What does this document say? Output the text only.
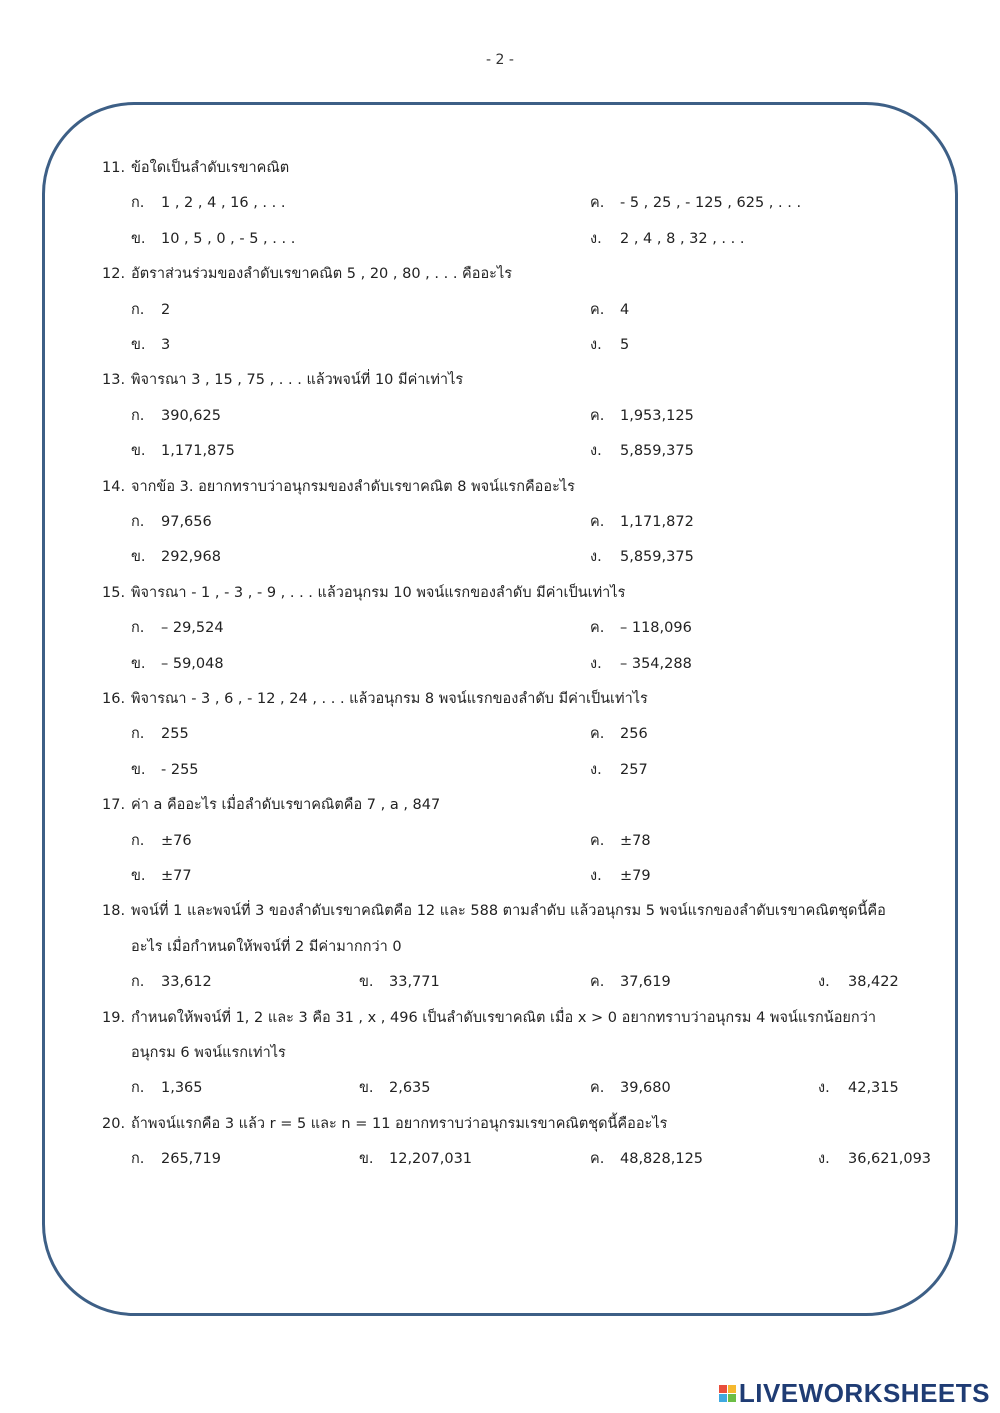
- 2 -
11. ข้อใดเป็นลำดับเรขาคณิต
ก. 1 , 2 , 4 , 16 , . . .	ค. - 5 , 25 , - 125 , 625 , . . .
ข. 10 , 5 , 0 , - 5 , . . .	ง. 2 , 4 , 8 , 32 , . . .
12. อัตราส่วนร่วมของลำดับเรขาคณิต 5 , 20 , 80 , . . . คืออะไร
ก. 2	ค. 4
ข. 3	ง. 5
13. พิจารณา 3 , 15 , 75 , . . . แล้วพจน์ที่ 10 มีค่าเท่าไร
ก. 390,625	ค. 1,953,125
ข. 1,171,875	ง. 5,859,375
14. จากข้อ 3. อยากทราบว่าอนุกรมของลำดับเรขาคณิต 8 พจน์แรกคืออะไร
ก. 97,656	ค. 1,171,872
ข. 292,968	ง. 5,859,375
15. พิจารณา - 1 , - 3 , - 9 , . . . แล้วอนุกรม 10 พจน์แรกของลำดับ มีค่าเป็นเท่าไร
ก. – 29,524	ค. – 118,096
ข. – 59,048	ง. – 354,288
16. พิจารณา - 3 , 6 , - 12 , 24 , . . . แล้วอนุกรม 8 พจน์แรกของลำดับ มีค่าเป็นเท่าไร
ก. 255	ค. 256
ข. - 255	ง. 257
17. ค่า a คืออะไร เมื่อลำดับเรขาคณิตคือ 7 , a , 847
ก. ±76	ค. ±78
ข. ±77	ง. ±79
18. พจน์ที่ 1 และพจน์ที่ 3 ของลำดับเรขาคณิตคือ 12 และ 588 ตามลำดับ แล้วอนุกรม 5 พจน์แรกของลำดับเรขาคณิตชุดนี้คือ
อะไร เมื่อกำหนดให้พจน์ที่ 2 มีค่ามากกว่า 0
ก. 33,612	ข. 33,771	ค. 37,619	ง. 38,422
19. กำหนดให้พจน์ที่ 1, 2 และ 3 คือ 31 , x , 496 เป็นลำดับเรขาคณิต เมื่อ x > 0 อยากทราบว่าอนุกรม 4 พจน์แรกน้อยกว่า
อนุกรม 6 พจน์แรกเท่าไร
ก. 1,365	ข. 2,635	ค. 39,680	ง. 42,315
20. ถ้าพจน์แรกคือ 3 แล้ว r = 5 และ n = 11 อยากทราบว่าอนุกรมเรขาคณิตชุดนี้คืออะไร
ก. 265,719	ข. 12,207,031	ค. 48,828,125	ง. 36,621,093
LIVEWORKSHEETS
